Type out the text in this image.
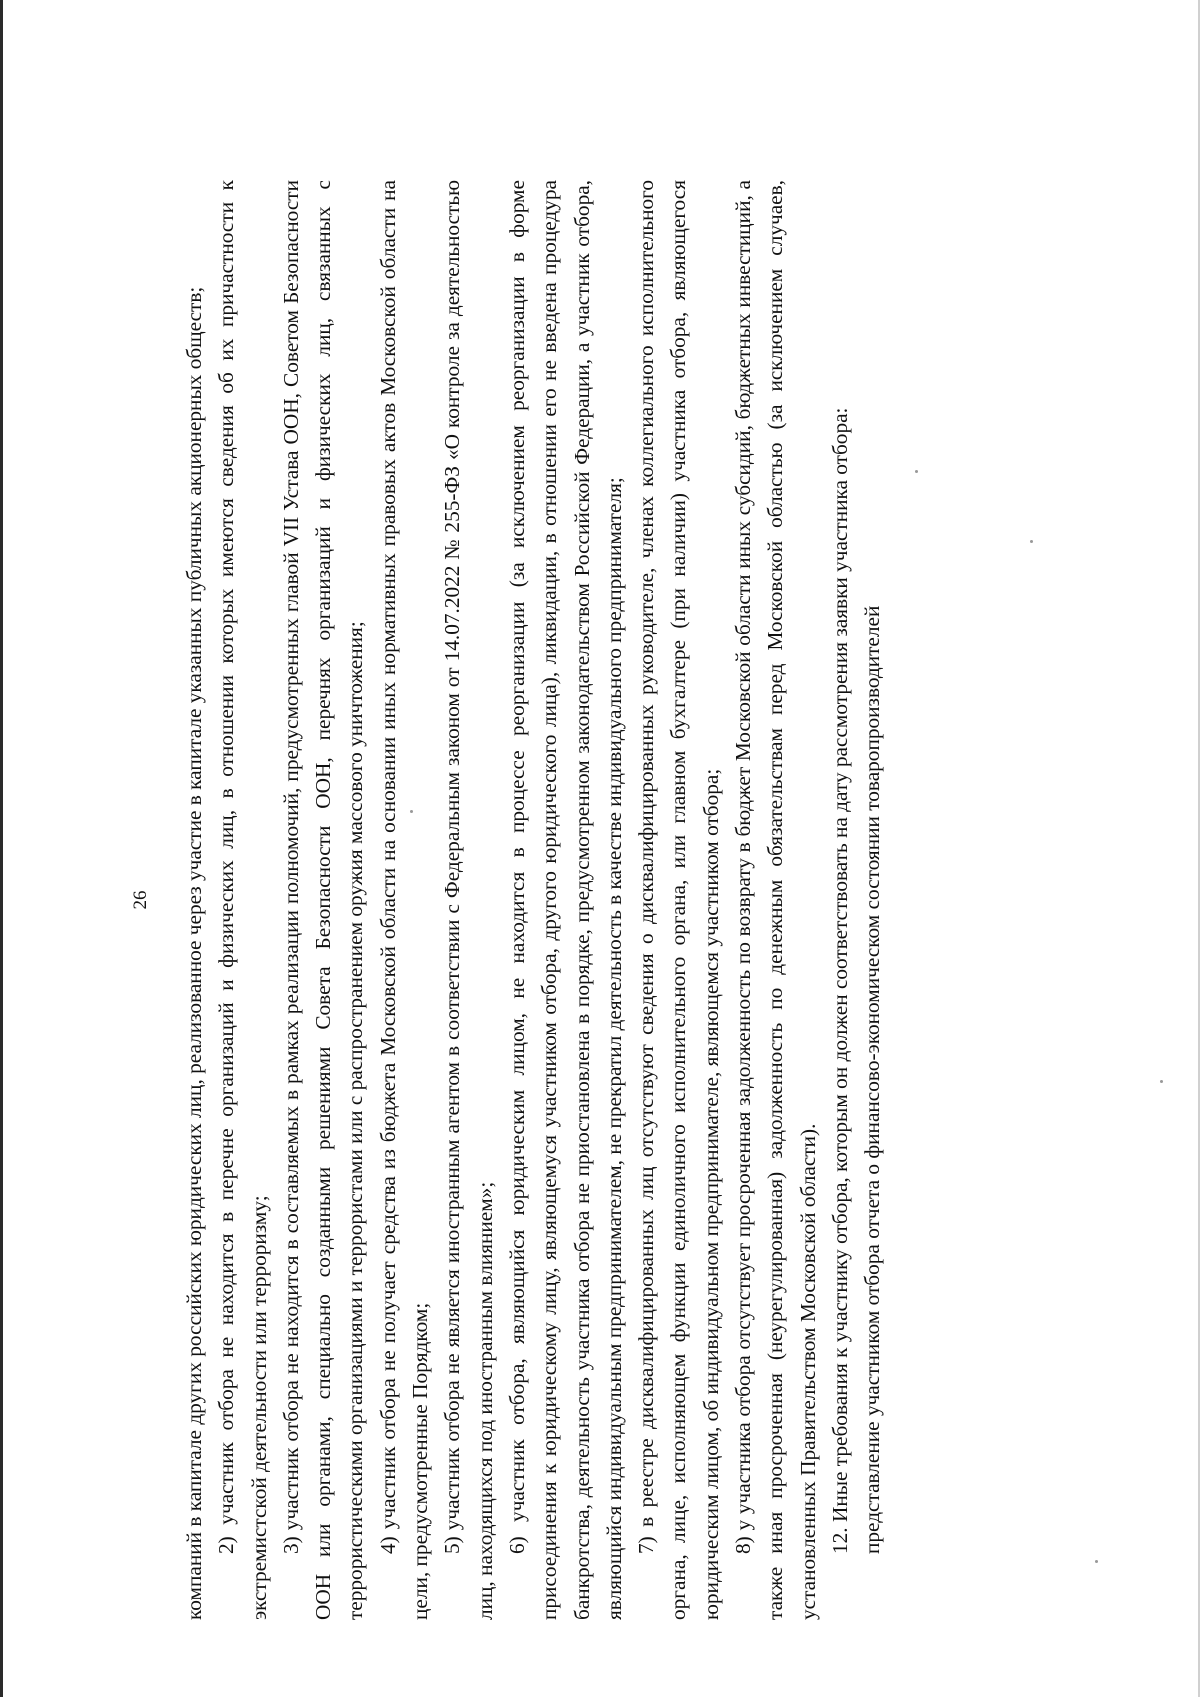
26 компаний в капитале других российских юридических лиц, реализованное через участие в капитале указанных публичных акционерных обществ; 2) участник отбора не находится в перечне организаций и физических лиц, в отношении которых имеются сведения об их причастности к экстремистской деятельности или терроризму; 3) участник отбора не находится в составляемых в рамках реализации полномочий, предусмотренных главой VII Устава ООН, Советом Безопасности ООН или органами, специально созданными решениями Совета Безопасности ООН, перечнях организаций и физических лиц, связанных с террористическими организациями и террористами или с распространением оружия массового уничтожения; 4) участник отбора не получает средства из бюджета Московской области на основании иных нормативных правовых актов Московской области на цели, предусмотренные Порядком; 5) участник отбора не является иностранным агентом в соответствии с Федеральным законом от 14.07.2022 № 255-ФЗ «О контроле за деятельностью лиц, находящихся под иностранным влиянием»; 6) участник отбора, являющийся юридическим лицом, не находится в процессе реорганизации (за исключением реорганизации в форме присоединения к юридическому лицу, являющемуся участником отбора, другого юридического лица), ликвидации, в отношении его не введена процедура банкротства, деятельность участника отбора не приостановлена в порядке, предусмотренном законодательством Российской Федерации, а участник отбора, являющийся индивидуальным предпринимателем, не прекратил деятельность в качестве индивидуального предпринимателя; 7) в реестре дисквалифицированных лиц отсутствуют сведения о дисквалифицированных руководителе, членах коллегиального исполнительного органа, лице, исполняющем функции единоличного исполнительного органа, или главном бухгалтере (при наличии) участника отбора, являющегося юридическим лицом, об индивидуальном предпринимателе, являющемся участником отбора; 8) у участника отбора отсутствует просроченная задолженность по возврату в бюджет Московской области иных субсидий, бюджетных инвестиций, а также иная просроченная (неурегулированная) задолженность по денежным обязательствам перед Московской областью (за исключением случаев, установленных Правительством Московской области). 12. Иные требования к участнику отбора, которым он должен соответствовать на дату рассмотрения заявки участника отбора: представление участником отбора отчета о финансово-экономическом состоянии товаропроизводителей
